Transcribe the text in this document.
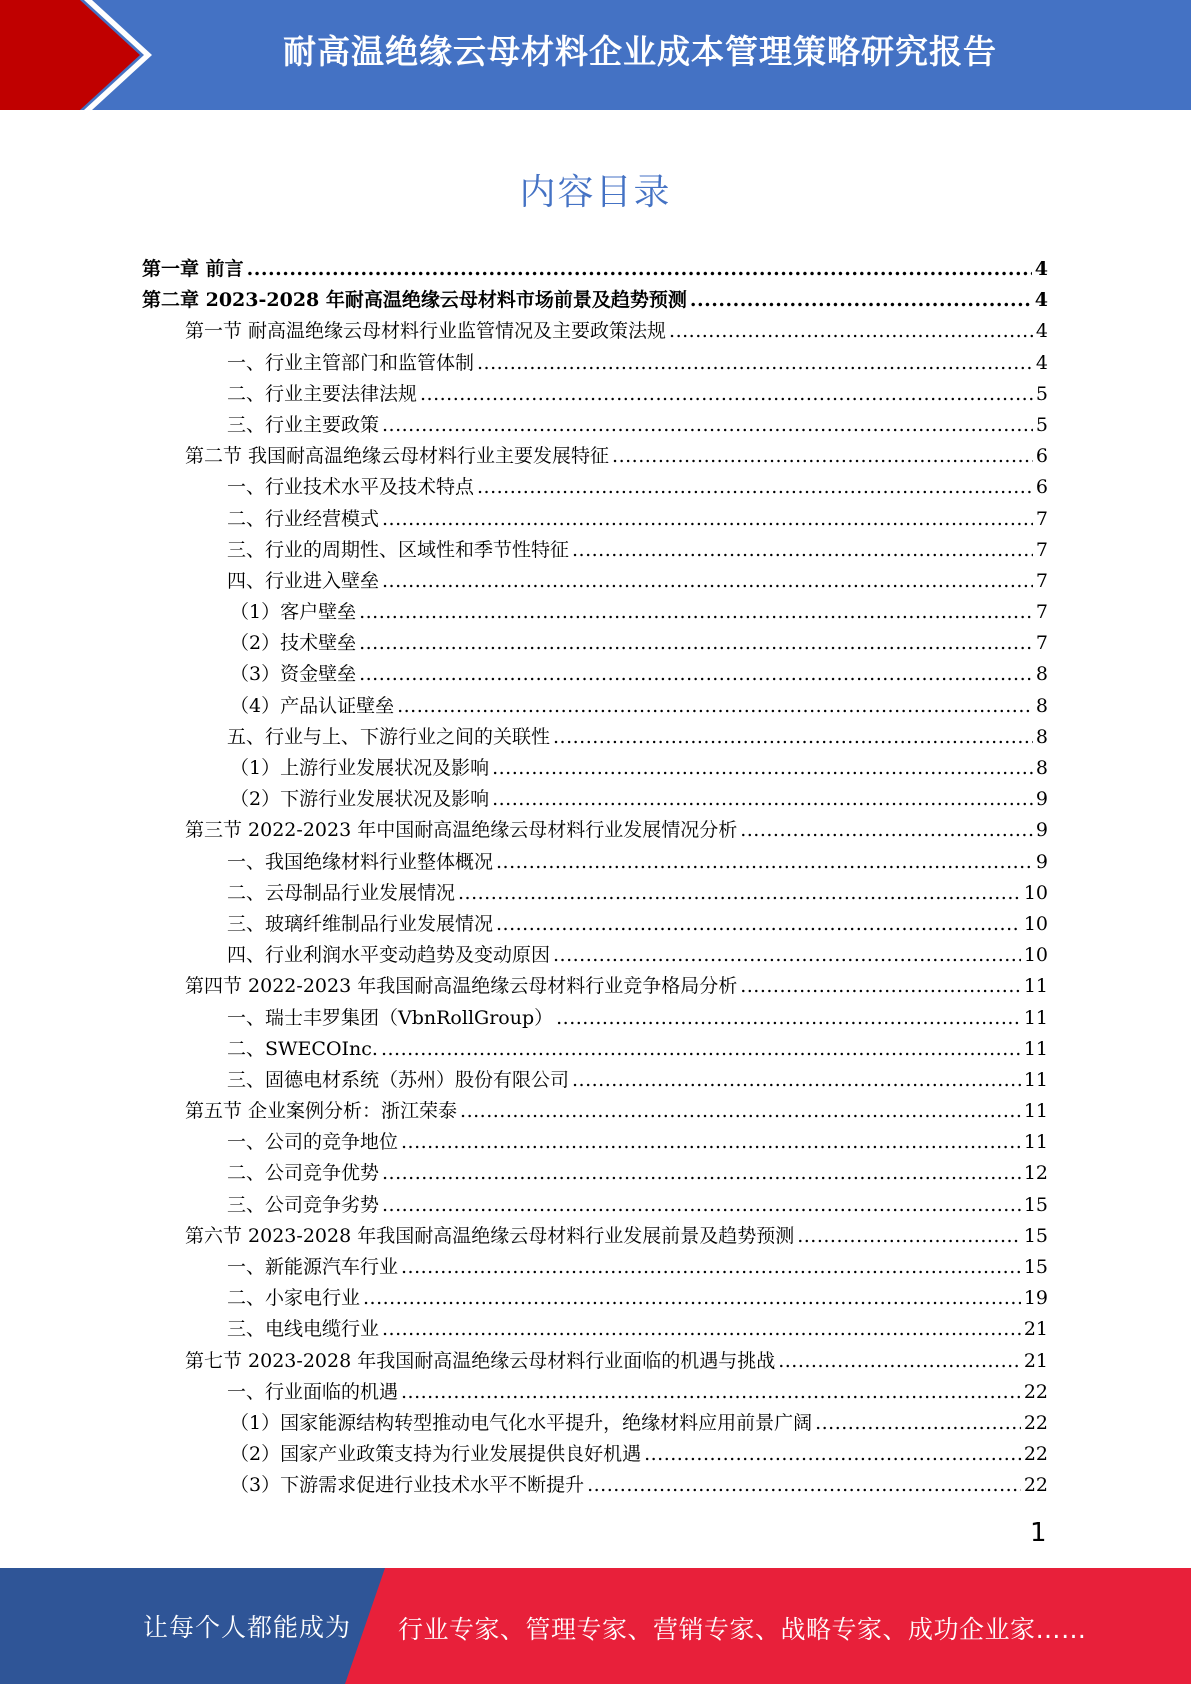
耐高温绝缘云母材料企业成本管理策略研究报告
内容目录
第一章 前言 .....	4
第二章 2023-2028 年耐高温绝缘云母材料市场前景及趋势预测 .....	4
第一节 耐高温绝缘云母材料行业监管情况及主要政策法规 .....	4
一、行业主管部门和监管体制 .....	4
二、行业主要法律法规 .....	5
三、行业主要政策 .....	5
第二节 我国耐高温绝缘云母材料行业主要发展特征 .....	6
一、行业技术水平及技术特点 .....	6
二、行业经营模式 .....	7
三、行业的周期性、区域性和季节性特征 .....	7
四、行业进入壁垒 .....	7
（1）客户壁垒 .....	7
（2）技术壁垒 .....	7
（3）资金壁垒 .....	8
（4）产品认证壁垒 .....	8
五、行业与上、下游行业之间的关联性 .....	8
（1）上游行业发展状况及影响 .....	8
（2）下游行业发展状况及影响 .....	9
第三节 2022-2023 年中国耐高温绝缘云母材料行业发展情况分析 .....	9
一、我国绝缘材料行业整体概况 .....	9
二、云母制品行业发展情况 .....	10
三、玻璃纤维制品行业发展情况 .....	10
四、行业利润水平变动趋势及变动原因 .....	10
第四节 2022-2023 年我国耐高温绝缘云母材料行业竞争格局分析 .....	11
一、瑞士丰罗集团（VbnRollGroup） .....	11
二、SWECOInc. .....	11
三、固德电材系统（苏州）股份有限公司 .....	11
第五节 企业案例分析：浙江荣泰 .....	11
一、公司的竞争地位 .....	11
二、公司竞争优势 .....	12
三、公司竞争劣势 .....	15
第六节 2023-2028 年我国耐高温绝缘云母材料行业发展前景及趋势预测 .....	15
一、新能源汽车行业 .....	15
二、小家电行业 .....	19
三、电线电缆行业 .....	21
第七节 2023-2028 年我国耐高温绝缘云母材料行业面临的机遇与挑战 .....	21
一、行业面临的机遇 .....	22
（1）国家能源结构转型推动电气化水平提升，绝缘材料应用前景广阔 .....	22
（2）国家产业政策支持为行业发展提供良好机遇 .....	22
（3）下游需求促进行业技术水平不断提升 .....	22
1
让每个人都能成为 行业专家、管理专家、营销专家、战略专家、成功企业家……
